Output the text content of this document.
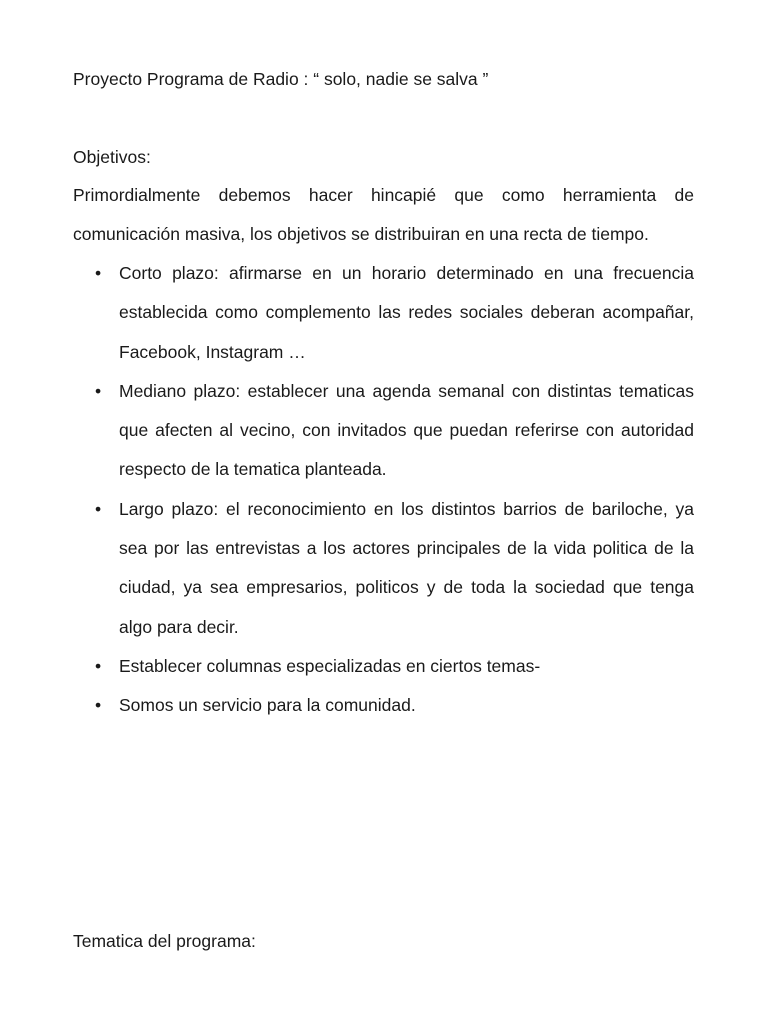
Proyecto Programa de Radio : “ solo, nadie se salva ”
Objetivos:

Primordialmente debemos hacer hincapié que como herramienta de comunicación masiva, los objetivos se distribuiran en una recta de tiempo.

• Corto plazo: afirmarse en un horario determinado en una frecuencia establecida como complemento las redes sociales deberan acompañar, Facebook, Instagram …
• Mediano plazo: establecer una agenda semanal con distintas tematicas que afecten al vecino, con invitados que puedan referirse con autoridad respecto de la tematica planteada.
• Largo plazo: el reconocimiento en los distintos barrios de bariloche, ya sea por las entrevistas a los actores principales de la vida politica de la ciudad, ya sea empresarios, politicos y de toda la sociedad que tenga algo para decir.
• Establecer columnas especializadas en ciertos temas-
• Somos un servicio para la comunidad.
Tematica del programa:
